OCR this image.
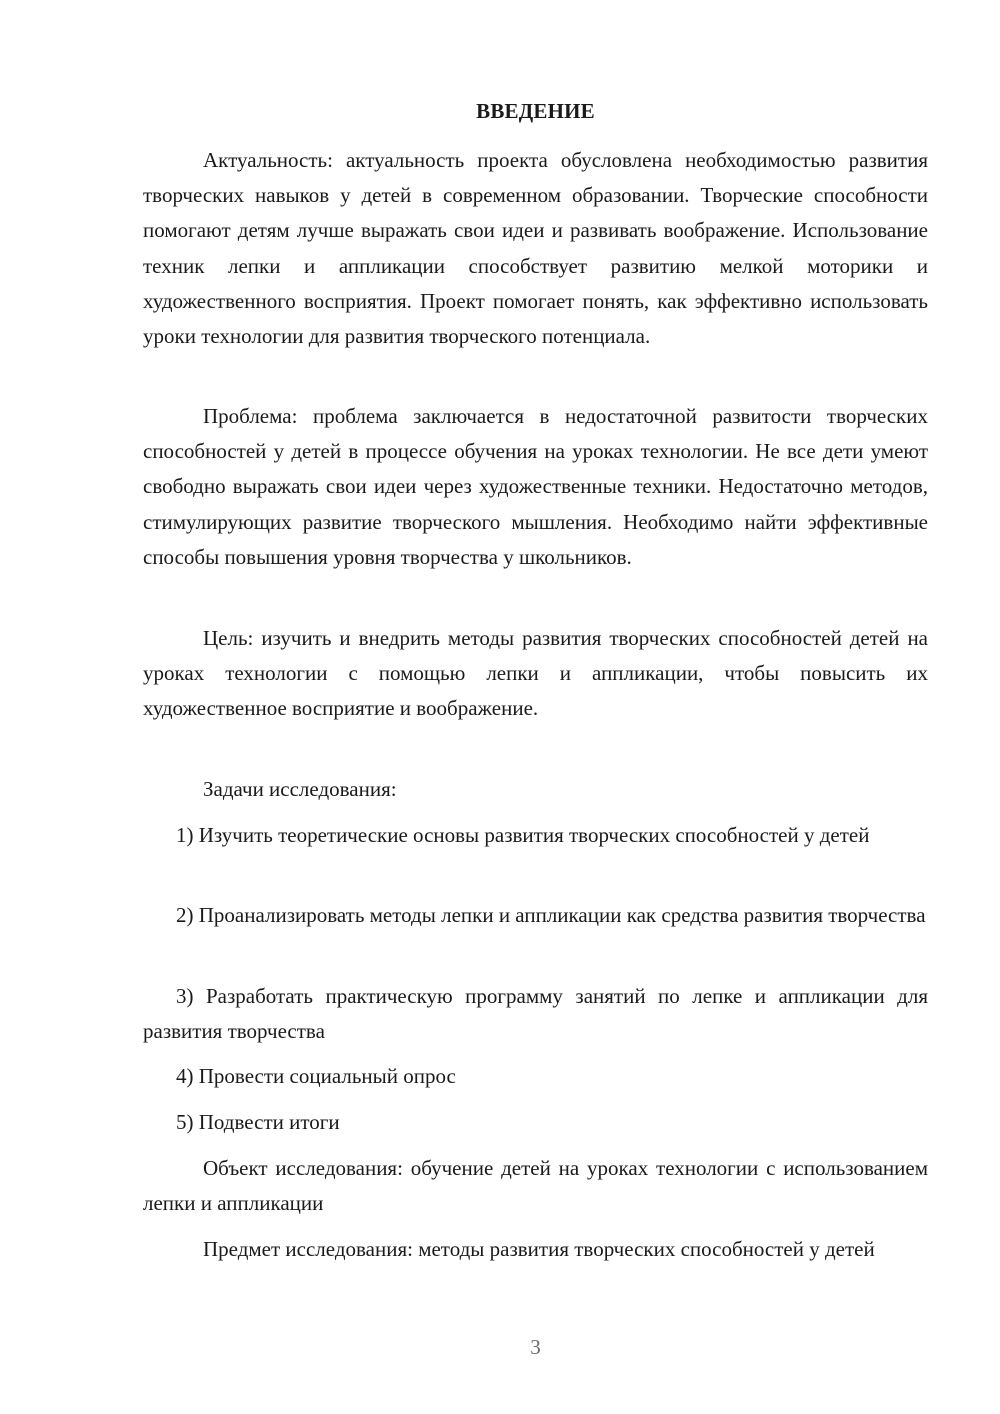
ВВЕДЕНИЕ

Актуальность: актуальность проекта обусловлена необходимостью развития творческих навыков у детей в современном образовании. Творческие способности помогают детям лучше выражать свои идеи и развивать воображение. Использование техник лепки и аппликации способствует развитию мелкой моторики и художественного восприятия. Проект помогает понять, как эффективно использовать уроки технологии для развития творческого потенциала.

Проблема: проблема заключается в недостаточной развитости творческих способностей у детей в процессе обучения на уроках технологии. Не все дети умеют свободно выражать свои идеи через художественные техники. Недостаточно методов, стимулирующих развитие творческого мышления. Необходимо найти эффективные способы повышения уровня творчества у школьников.

Цель: изучить и внедрить методы развития творческих способностей детей на уроках технологии с помощью лепки и аппликации, чтобы повысить их художественное восприятие и воображение.

Задачи исследования:

1) Изучить теоретические основы развития творческих способностей у детей

2) Проанализировать методы лепки и аппликации как средства развития творчества

3) Разработать практическую программу занятий по лепке и аппликации для развития творчества

4) Провести социальный опрос

5) Подвести итоги

Объект исследования: обучение детей на уроках технологии с использованием лепки и аппликации

Предмет исследования: методы развития творческих способностей у детей

3
